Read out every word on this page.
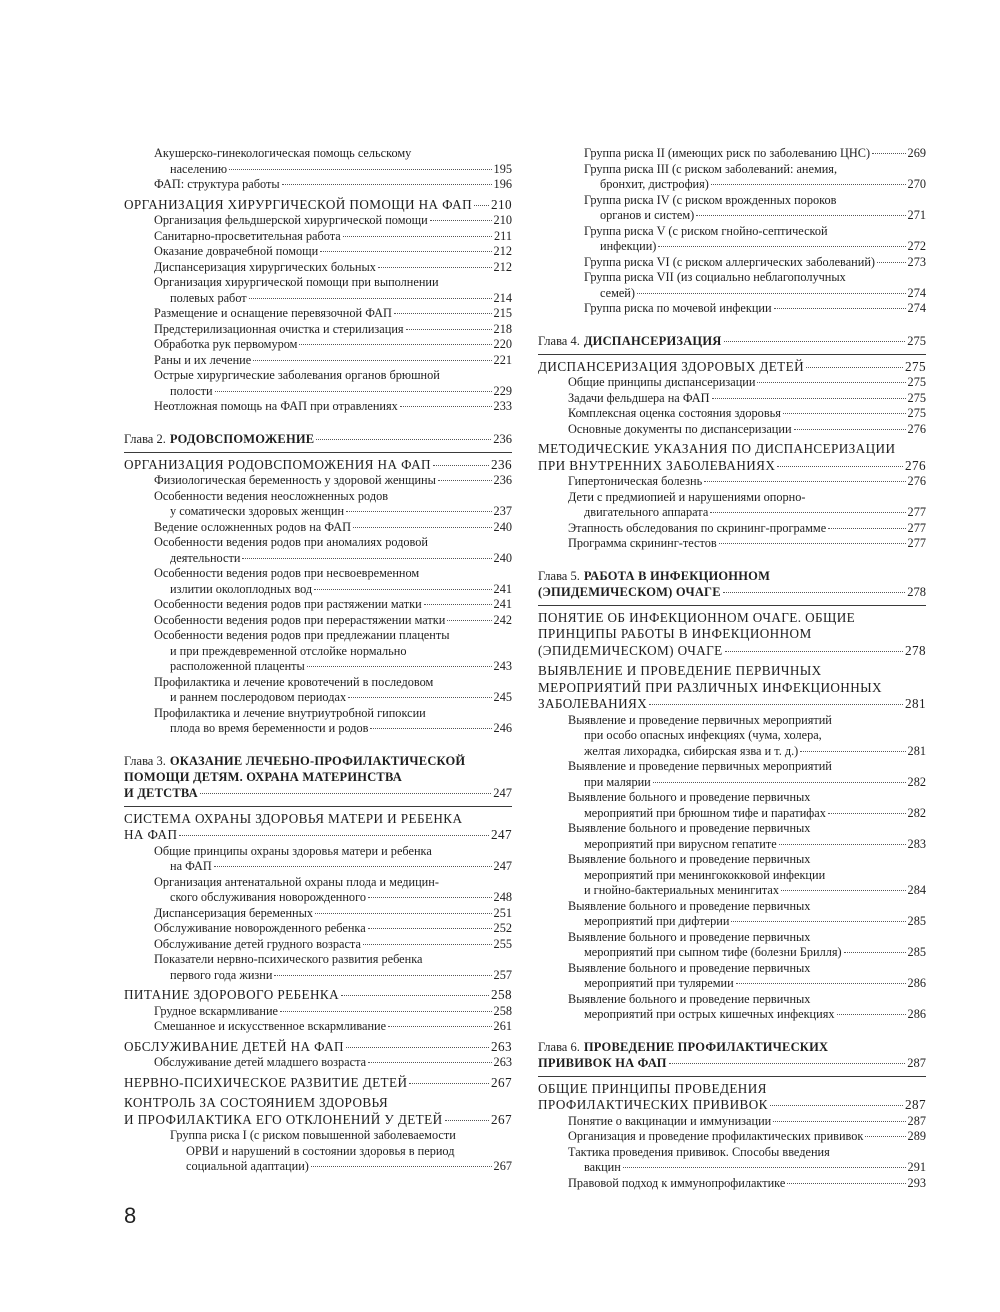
Акушерско-гинекологическая помощь сельскому
населению	195
ФАП: структура работы	196
ОРГАНИЗАЦИЯ ХИРУРГИЧЕСКОЙ ПОМОЩИ НА ФАП 210
Организация фельдшерской хирургической помощи	210
Санитарно-просветительная работа	211
Оказание доврачебной помощи	212
Диспансеризация хирургических больных	212
Организация хирургической помощи при выполнении
полевых работ	214
Размещение и оснащение перевязочной ФАП	215
Предстерилизационная очистка и стерилизация	218
Обработка рук первомуром	220
Раны и их лечение	221
Острые хирургические заболевания органов брюшной
полости	229
Неотложная помощь на ФАП при отравлениях	233
Глава 2. РОДОВСПОМОЖЕНИЕ	236
ОРГАНИЗАЦИЯ РОДОВСПОМОЖЕНИЯ НА ФАП	236
Физиологическая беременность у здоровой женщины	236
Особенности ведения неосложненных родов
у соматически здоровых женщин	237
Ведение осложненных родов на ФАП	240
Особенности ведения родов при аномалиях родовой
деятельности	240
Особенности ведения родов при несвоевременном
излитии околоплодных вод	241
Особенности ведения родов при растяжении матки	241
Особенности ведения родов при перерастяжении матки	242
Особенности ведения родов при предлежании плаценты
и при преждевременной отслойке нормально
расположенной плаценты	243
Профилактика и лечение кровотечений в последовом
и раннем послеродовом периодах	245
Профилактика и лечение внутриутробной гипоксии
плода во время беременности и родов	246
Глава 3. ОКАЗАНИЕ ЛЕЧЕБНО-ПРОФИЛАКТИЧЕСКОЙ
ПОМОЩИ ДЕТЯМ. ОХРАНА МАТЕРИНСТВА
И ДЕТСТВА	247
СИСТЕМА ОХРАНЫ ЗДОРОВЬЯ МАТЕРИ И РЕБЕНКА
НА ФАП	247
Общие принципы охраны здоровья матери и ребенка
на ФАП	247
Организация антенатальной охраны плода и медицин-
ского обслуживания новорожденного	248
Диспансеризация беременных	251
Обслуживание новорожденного ребенка	252
Обслуживание детей грудного возраста	255
Показатели нервно-психического развития ребенка
первого года жизни	257
ПИТАНИЕ ЗДОРОВОГО РЕБЕНКА	258
Грудное вскармливание	258
Смешанное и искусственное вскармливание	261
ОБСЛУЖИВАНИЕ ДЕТЕЙ НА ФАП	263
Обслуживание детей младшего возраста	263
НЕРВНО-ПСИХИЧЕСКОЕ РАЗВИТИЕ ДЕТЕЙ	267
КОНТРОЛЬ ЗА СОСТОЯНИЕМ ЗДОРОВЬЯ
И ПРОФИЛАКТИКА ЕГО ОТКЛОНЕНИЙ У ДЕТЕЙ	267
Группа риска I (с риском повышенной заболеваемости
ОРВИ и нарушений в состоянии здоровья в период
социальной адаптации)	267
Группа риска II (имеющих риск по заболеванию ЦНС)	269
Группа риска III (с риском заболеваний: анемия,
бронхит, дистрофия)	270
Группа риска IV (с риском врожденных пороков
органов и систем)	271
Группа риска V (с риском гнойно-септической
инфекции)	272
Группа риска VI (с риском аллергических заболеваний)	273
Группа риска VII (из социально неблагополучных
семей)	274
Группа риска по мочевой инфекции	274
Глава 4. ДИСПАНСЕРИЗАЦИЯ	275
ДИСПАНСЕРИЗАЦИЯ ЗДОРОВЫХ ДЕТЕЙ	275
Общие принципы диспансеризации	275
Задачи фельдшера на ФАП	275
Комплексная оценка состояния здоровья	275
Основные документы по диспансеризации	276
МЕТОДИЧЕСКИЕ УКАЗАНИЯ ПО ДИСПАНСЕРИЗАЦИИ
ПРИ ВНУТРЕННИХ ЗАБОЛЕВАНИЯХ	276
Гипертоническая болезнь	276
Дети с предмиопией и нарушениями опорно-
двигательного аппарата	277
Этапность обследования по скрининг-программе	277
Программа скрининг-тестов	277
Глава 5. РАБОТА В ИНФЕКЦИОННОМ
(ЭПИДЕМИЧЕСКОМ) ОЧАГЕ	278
ПОНЯТИЕ ОБ ИНФЕКЦИОННОМ ОЧАГЕ. ОБЩИЕ
ПРИНЦИПЫ РАБОТЫ В ИНФЕКЦИОННОМ
(ЭПИДЕМИЧЕСКОМ) ОЧАГЕ	278
ВЫЯВЛЕНИЕ И ПРОВЕДЕНИЕ ПЕРВИЧНЫХ
МЕРОПРИЯТИЙ ПРИ РАЗЛИЧНЫХ ИНФЕКЦИОННЫХ
ЗАБОЛЕВАНИЯХ	281
Выявление и проведение первичных мероприятий
при особо опасных инфекциях (чума, холера,
желтая лихорадка, сибирская язва и т. д.)	281
Выявление и проведение первичных мероприятий
при малярии	282
Выявление больного и проведение первичных
мероприятий при брюшном тифе и паратифах	282
Выявление больного и проведение первичных
мероприятий при вирусном гепатите	283
Выявление больного и проведение первичных
мероприятий при менингококковой инфекции
и гнойно-бактериальных менингитах	284
Выявление больного и проведение первичных
мероприятий при дифтерии	285
Выявление больного и проведение первичных
мероприятий при сыпном тифе (болезни Брилля)	285
Выявление больного и проведение первичных
мероприятий при туляремии	286
Выявление больного и проведение первичных
мероприятий при острых кишечных инфекциях	286
Глава 6. ПРОВЕДЕНИЕ ПРОФИЛАКТИЧЕСКИХ
ПРИВИВОК НА ФАП	287
ОБЩИЕ ПРИНЦИПЫ ПРОВЕДЕНИЯ
ПРОФИЛАКТИЧЕСКИХ ПРИВИВОК	287
Понятие о вакцинации и иммунизации	287
Организация и проведение профилактических прививок	289
Тактика проведения прививок. Способы введения
вакцин	291
Правовой подход к иммунопрофилактике	293
8
